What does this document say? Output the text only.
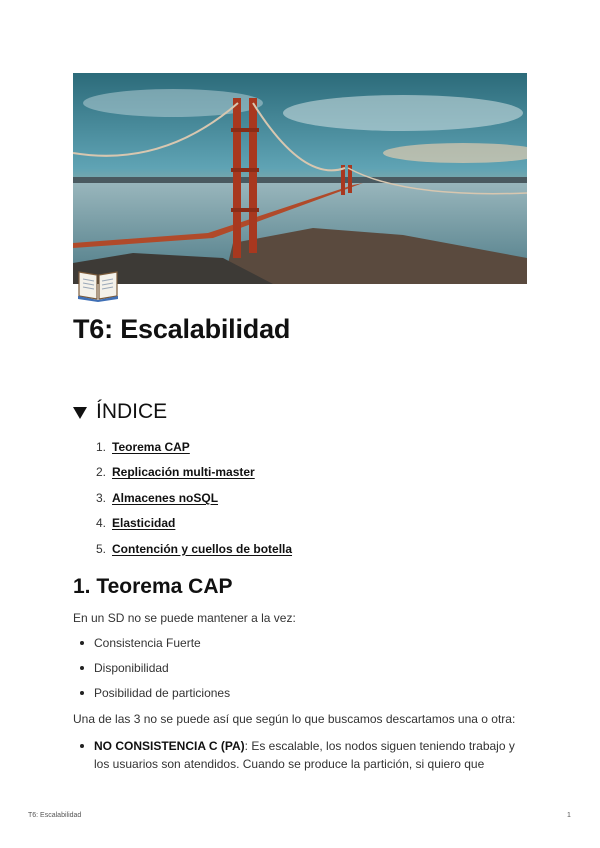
T6: Escalabilidad
ÍNDICE
1. Teorema CAP
2. Replicación multi-master
3. Almacenes noSQL
4. Elasticidad
5. Contención y cuellos de botella
1. Teorema CAP

En un SD no se puede mantener a la vez:

Consistencia Fuerte
Disponibilidad
Posibilidad de particiones

Una de las 3 no se puede así que según lo que buscamos descartamos una o otra:

NO CONSISTENCIA C (PA): Es escalable, los nodos siguen teniendo trabajo y los usuarios son atendidos. Cuando se produce la partición, si quiero que
T6: Escalabilidad	1
